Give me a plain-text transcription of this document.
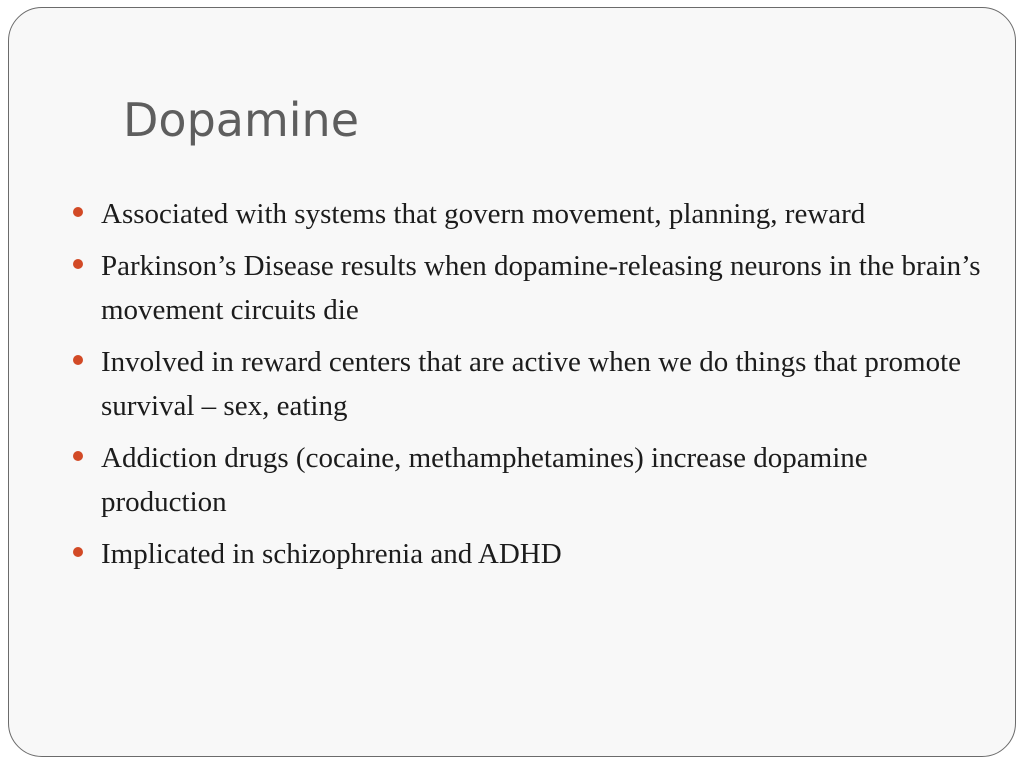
Dopamine
Associated with systems that govern movement, planning, reward
Parkinson’s Disease results when dopamine-releasing neurons in the brain’s movement circuits die
Involved in reward centers that are active when we do things that promote survival – sex, eating
Addiction drugs (cocaine, methamphetamines) increase dopamine production
Implicated in schizophrenia and ADHD
